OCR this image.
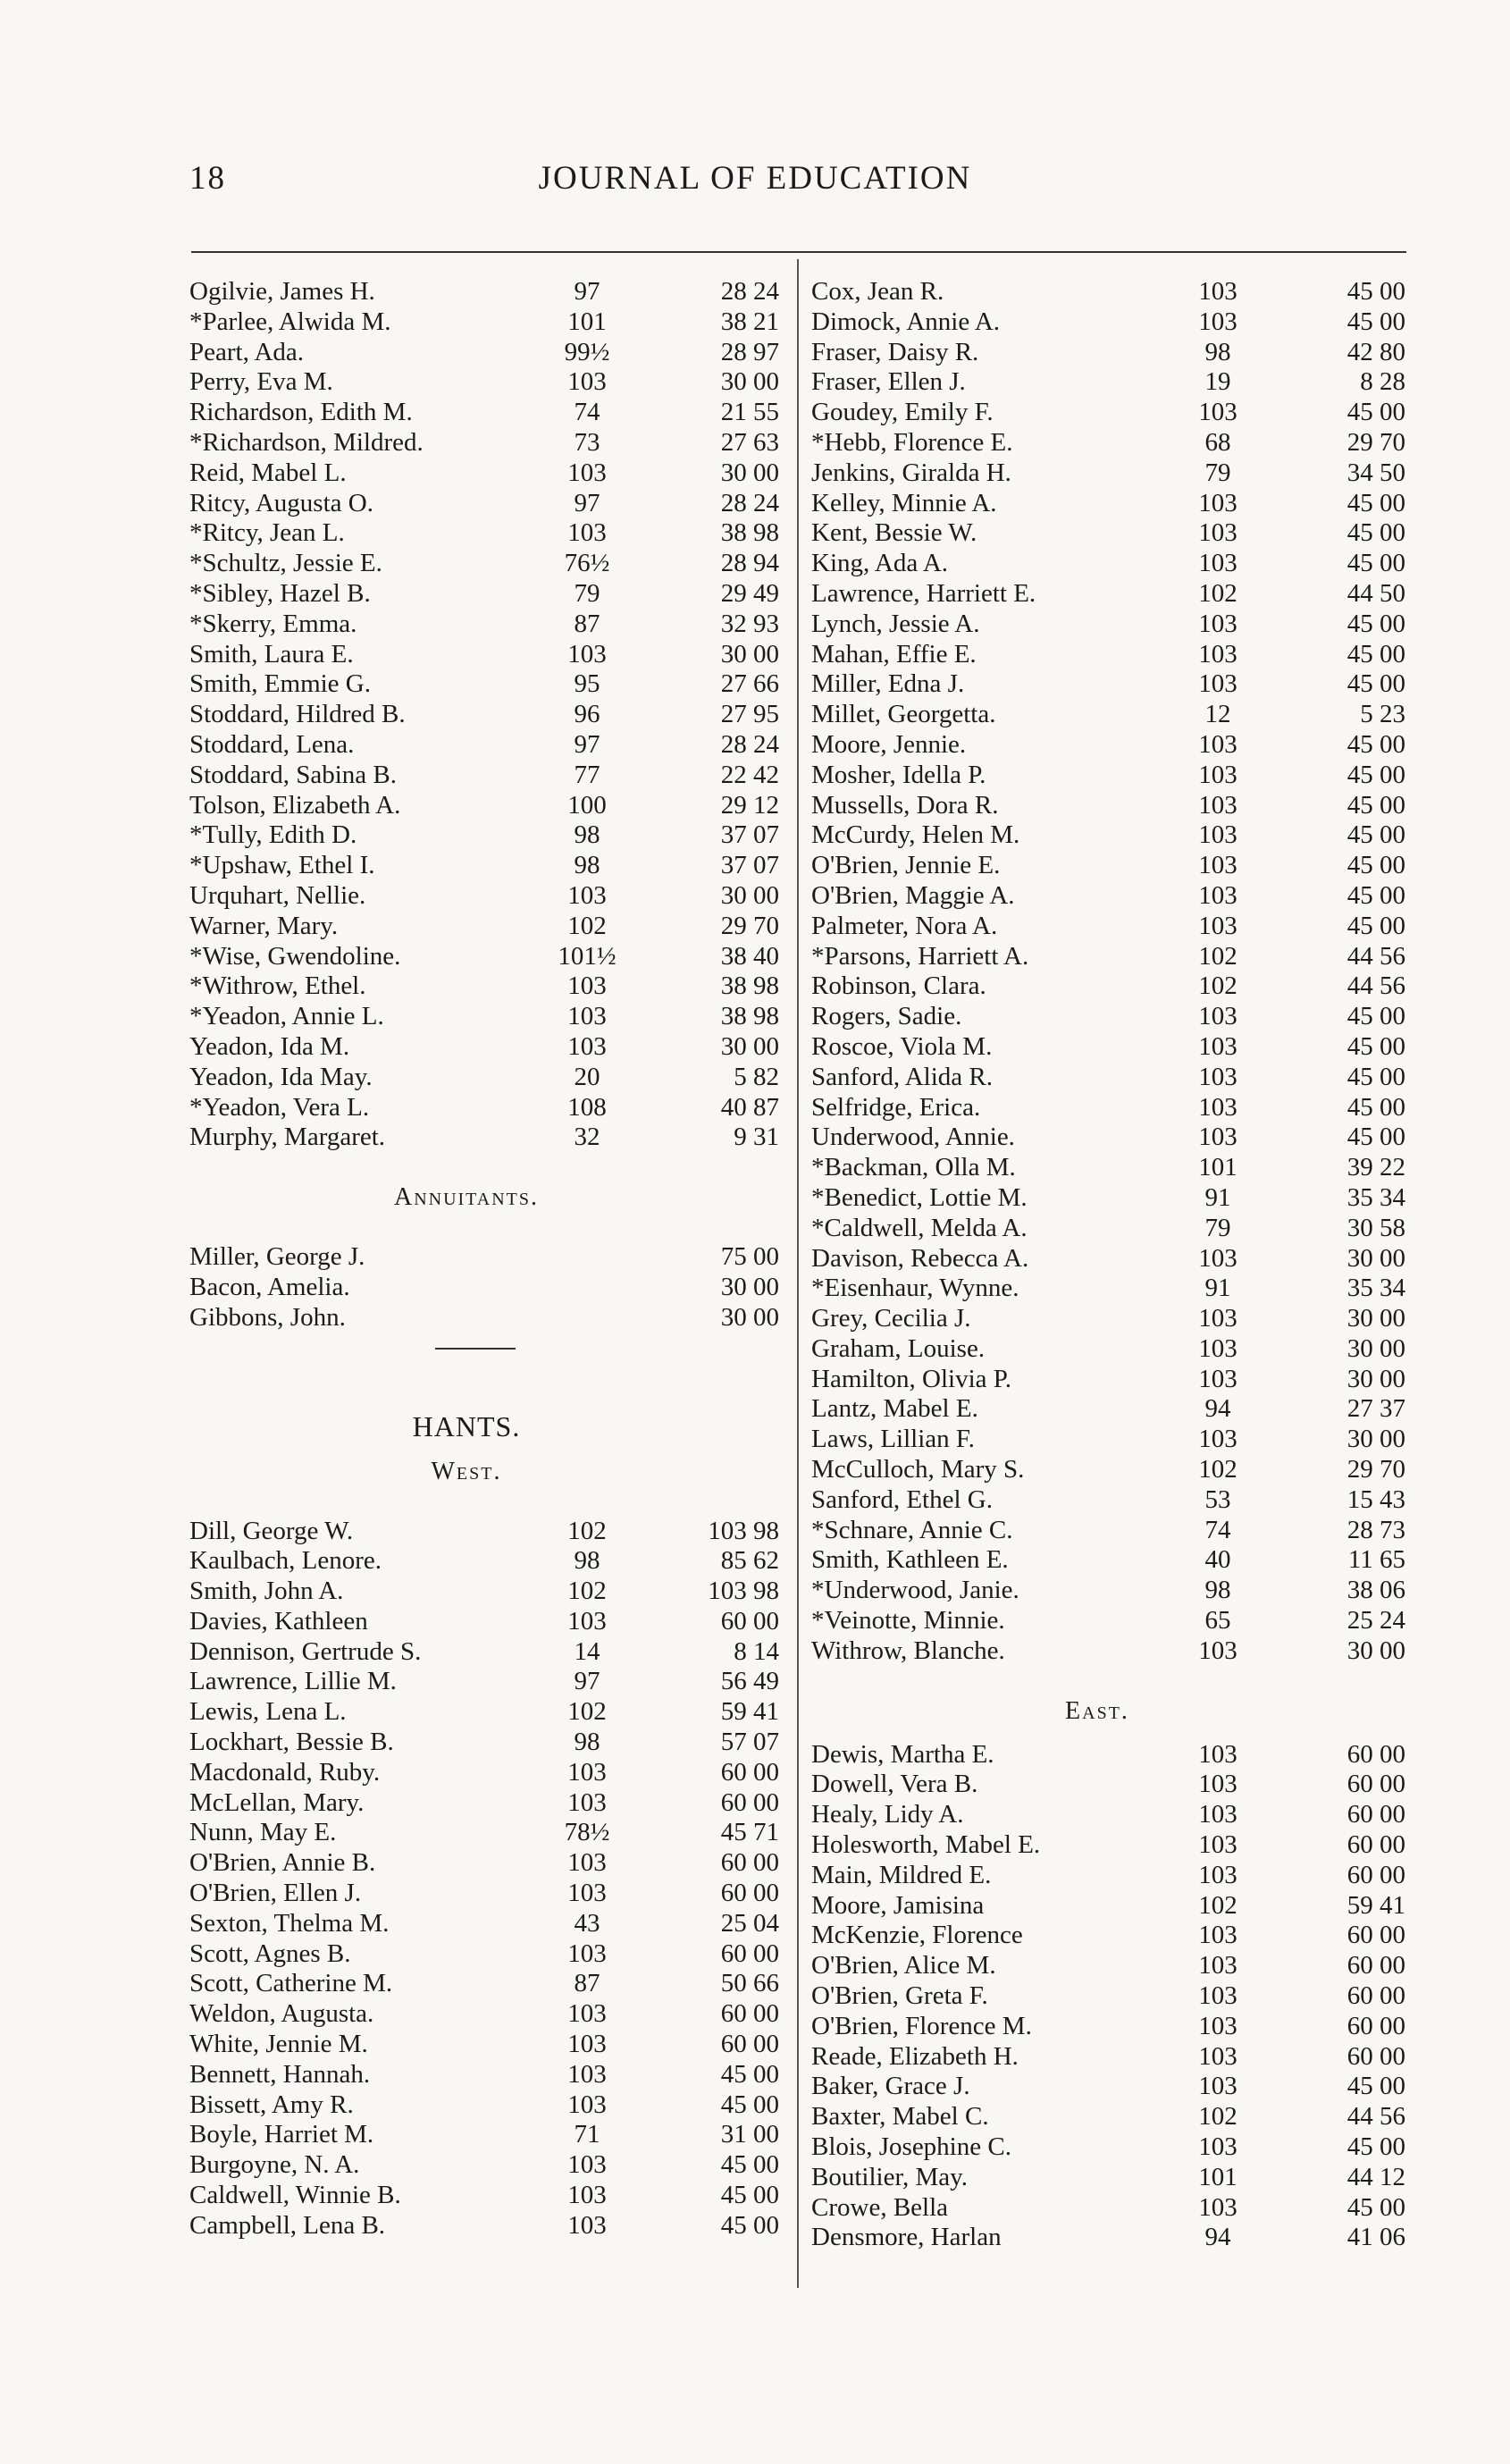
18	JOURNAL OF EDUCATION
Ogilvie, James H.	97	28 24
*Parlee, Alwida M.	101	38 21
Peart, Ada.	99½	28 97
Perry, Eva M.	103	30 00
Richardson, Edith M.	74	21 55
*Richardson, Mildred.	73	27 63
Reid, Mabel L.	103	30 00
Ritcy, Augusta O.	97	28 24
*Ritcy, Jean L.	103	38 98
*Schultz, Jessie E.	76½	28 94
*Sibley, Hazel B.	79	29 49
*Skerry, Emma.	87	32 93
Smith, Laura E.	103	30 00
Smith, Emmie G.	95	27 66
Stoddard, Hildred B.	96	27 95
Stoddard, Lena.	97	28 24
Stoddard, Sabina B.	77	22 42
Tolson, Elizabeth A.	100	29 12
*Tully, Edith D.	98	37 07
*Upshaw, Ethel I.	98	37 07
Urquhart, Nellie.	103	30 00
Warner, Mary.	102	29 70
*Wise, Gwendoline.	101½	38 40
*Withrow, Ethel.	103	38 98
*Yeadon, Annie L.	103	38 98
Yeadon, Ida M.	103	30 00
Yeadon, Ida May.	20	5 82
*Yeadon, Vera L.	108	40 87
Murphy, Margaret.	32	9 31
Annuitants.
Miller, George J.	75 00
Bacon, Amelia.	30 00
Gibbons, John.	30 00
HANTS.
West.
Dill, George W.	102	103 98
Kaulbach, Lenore.	98	85 62
Smith, John A.	102	103 98
Davies, Kathleen	103	60 00
Dennison, Gertrude S.	14	8 14
Lawrence, Lillie M.	97	56 49
Lewis, Lena L.	102	59 41
Lockhart, Bessie B.	98	57 07
Macdonald, Ruby.	103	60 00
McLellan, Mary.	103	60 00
Nunn, May E.	78½	45 71
O'Brien, Annie B.	103	60 00
O'Brien, Ellen J.	103	60 00
Sexton, Thelma M.	43	25 04
Scott, Agnes B.	103	60 00
Scott, Catherine M.	87	50 66
Weldon, Augusta.	103	60 00
White, Jennie M.	103	60 00
Bennett, Hannah.	103	45 00
Bissett, Amy R.	103	45 00
Boyle, Harriet M.	71	31 00
Burgoyne, N. A.	103	45 00
Caldwell, Winnie B.	103	45 00
Campbell, Lena B.	103	45 00
Cox, Jean R.	103	45 00
Dimock, Annie A.	103	45 00
Fraser, Daisy R.	98	42 80
Fraser, Ellen J.	19	8 28
Goudey, Emily F.	103	45 00
*Hebb, Florence E.	68	29 70
Jenkins, Giralda H.	79	34 50
Kelley, Minnie A.	103	45 00
Kent, Bessie W.	103	45 00
King, Ada A.	103	45 00
Lawrence, Harriett E.	102	44 50
Lynch, Jessie A.	103	45 00
Mahan, Effie E.	103	45 00
Miller, Edna J.	103	45 00
Millet, Georgetta.	12	5 23
Moore, Jennie.	103	45 00
Mosher, Idella P.	103	45 00
Mussells, Dora R.	103	45 00
McCurdy, Helen M.	103	45 00
O'Brien, Jennie E.	103	45 00
O'Brien, Maggie A.	103	45 00
Palmeter, Nora A.	103	45 00
*Parsons, Harriett A.	102	44 56
Robinson, Clara.	102	44 56
Rogers, Sadie.	103	45 00
Roscoe, Viola M.	103	45 00
Sanford, Alida R.	103	45 00
Selfridge, Erica.	103	45 00
Underwood, Annie.	103	45 00
*Backman, Olla M.	101	39 22
*Benedict, Lottie M.	91	35 34
*Caldwell, Melda A.	79	30 58
Davison, Rebecca A.	103	30 00
*Eisenhaur, Wynne.	91	35 34
Grey, Cecilia J.	103	30 00
Graham, Louise.	103	30 00
Hamilton, Olivia P.	103	30 00
Lantz, Mabel E.	94	27 37
Laws, Lillian F.	103	30 00
McCulloch, Mary S.	102	29 70
Sanford, Ethel G.	53	15 43
*Schnare, Annie C.	74	28 73
Smith, Kathleen E.	40	11 65
*Underwood, Janie.	98	38 06
*Veinotte, Minnie.	65	25 24
Withrow, Blanche.	103	30 00
East.
Dewis, Martha E.	103	60 00
Dowell, Vera B.	103	60 00
Healy, Lidy A.	103	60 00
Holesworth, Mabel E.	103	60 00
Main, Mildred E.	103	60 00
Moore, Jamisina	102	59 41
McKenzie, Florence	103	60 00
O'Brien, Alice M.	103	60 00
O'Brien, Greta F.	103	60 00
O'Brien, Florence M.	103	60 00
Reade, Elizabeth H.	103	60 00
Baker, Grace J.	103	45 00
Baxter, Mabel C.	102	44 56
Blois, Josephine C.	103	45 00
Boutilier, May.	101	44 12
Crowe, Bella	103	45 00
Densmore, Harlan	94	41 06
